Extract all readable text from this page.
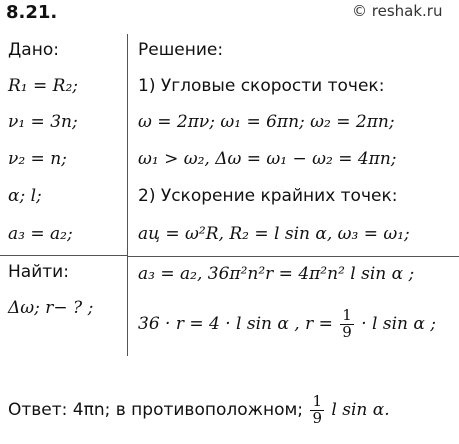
8.21.	© reshak.ru
Дано:
R₁ = R₂;
ν₁ = 3n;
ν₂ = n;
α; l;
a₃ = a₂;
Найти:
Δω; r− ? ;
Решение:
1) Угловые скорости точек:
ω = 2πν; ω₁ = 6πn; ω₂ = 2πn;
ω₁ > ω₂, Δω = ω₁ − ω₂ = 4πn;
2) Ускорение крайних точек:
aц = ω²R, R₂ = l sin α, ω₃ = ω₁;
a₃ = a₂, 36π²n²r = 4π²n² l sin α ;
36 · r = 4 · l sin α , $r = \frac{1}{9} \cdot l$ sin α ;
Ответ: 4πn; в противоположном; $\frac{1}{9}$ l sin α.
